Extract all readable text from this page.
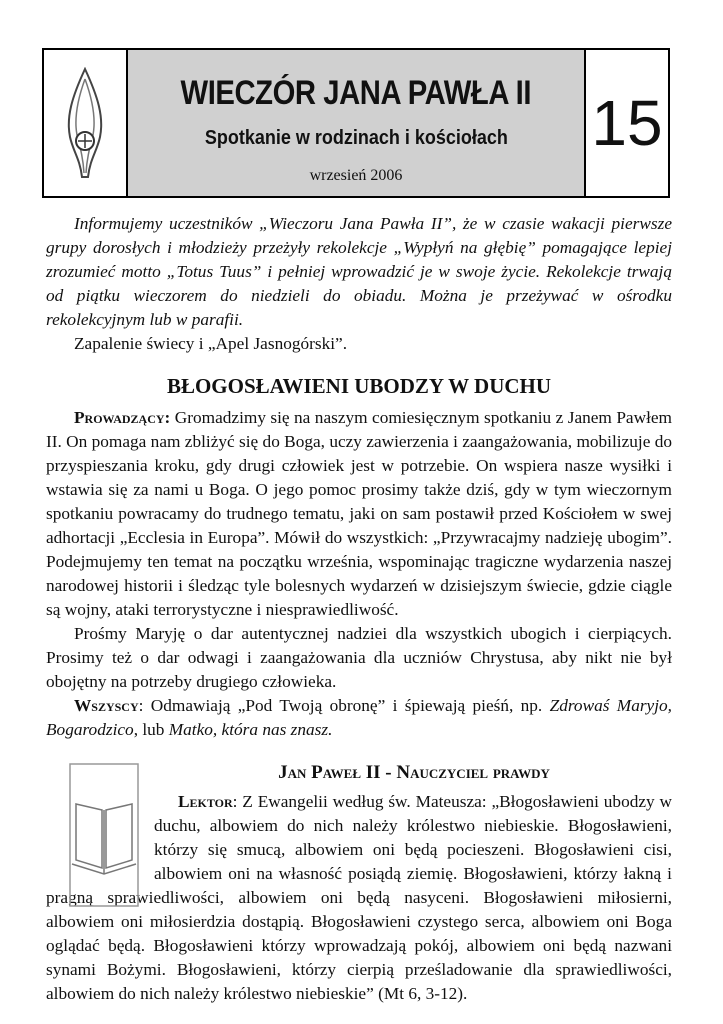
WIECZÓR JANA PAWŁA II
Spotkanie w rodzinach i kościołach
wrzesień 2006
15

Informujemy uczestników „Wieczoru Jana Pawła II”, że w czasie wakacji pierwsze grupy dorosłych i młodzieży przeżyły rekolekcje „Wypłyń na głębię” pomagające lepiej zrozumieć motto „Totus Tuus” i pełniej wprowadzić je w swoje życie. Rekolekcje trwają od piątku wieczorem do niedzieli do obiadu. Można je przeżywać w ośrodku rekolekcyjnym lub w parafii.

Zapalenie świecy i „Apel Jasnogórski”.

BŁOGOSŁAWIENI UBODZY W DUCHU

Prowadzący: Gromadzimy się na naszym comiesięcznym spotkaniu z Janem Pawłem II. On pomaga nam zbliżyć się do Boga, uczy zawierzenia i zaangażowania, mobilizuje do przyspieszania kroku, gdy drugi człowiek jest w potrzebie. On wspiera nasze wysiłki i wstawia się za nami u Boga. O jego pomoc prosimy także dziś, gdy w tym wieczornym spotkaniu powracamy do trudnego tematu, jaki on sam postawił przed Kościołem w swej adhortacji „Ecclesia in Europa”. Mówił do wszystkich: „Przywracajmy nadzieję ubogim”. Podejmujemy ten temat na początku września, wspominając tragiczne wydarzenia naszej narodowej historii i śledząc tyle bolesnych wydarzeń w dzisiejszym świecie, gdzie ciągle są wojny, ataki terrorystyczne i niesprawiedliwość.

Prośmy Maryję o dar autentycznej nadziei dla wszystkich ubogich i cierpiących. Prosimy też o dar odwagi i zaangażowania dla uczniów Chrystusa, aby nikt nie był obojętny na potrzeby drugiego człowieka.

Wszyscy: Odmawiają „Pod Twoją obronę” i śpiewają pieśń, np. Zdrowaś Maryjo, Bogarodzico, lub Matko, która nas znasz.

Jan Paweł II - Nauczyciel prawdy

Lektor: Z Ewangelii według św. Mateusza: „Błogosławieni ubodzy w duchu, albowiem do nich należy królestwo niebieskie. Błogosławieni, którzy się smucą, albowiem oni będą pocieszeni. Błogosławieni cisi, albowiem oni na własność posiądą ziemię. Błogosławieni, którzy łakną i pragną sprawiedliwości, albowiem oni będą nasyceni. Błogosławieni miłosierni, albowiem oni miłosierdzia dostąpią. Błogosławieni czystego serca, albowiem oni Boga oglądać będą. Błogosławieni którzy wprowadzają pokój, albowiem oni będą nazwani synami Bożymi. Błogosławieni, którzy cierpią prześladowanie dla sprawiedliwości, albowiem do nich należy królestwo niebieskie” (Mt 6, 3-12).
